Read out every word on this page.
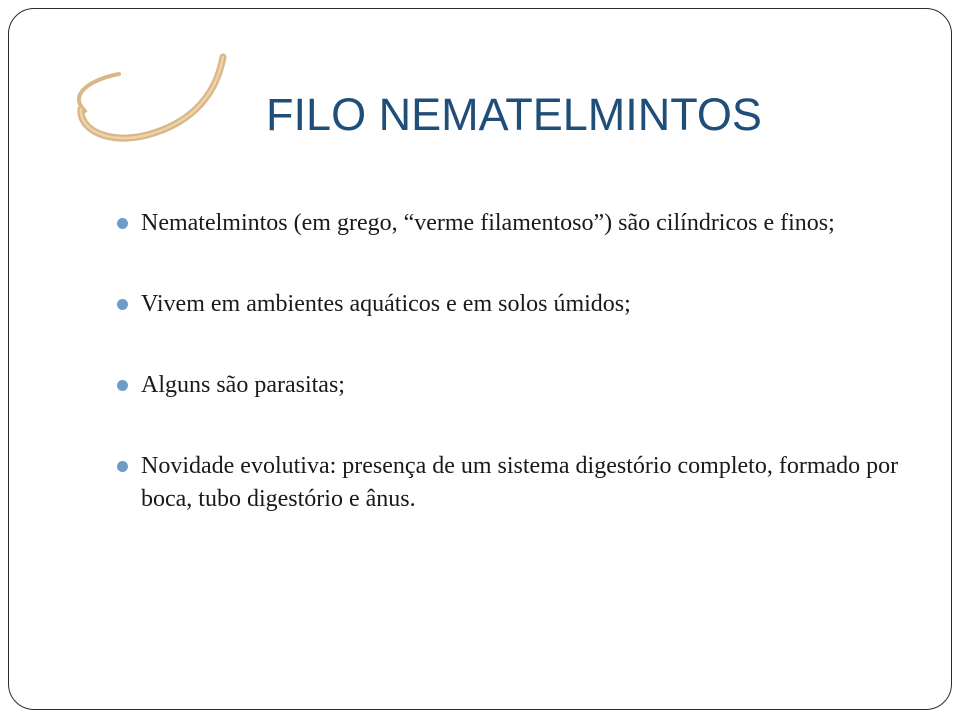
FILO NEMATELMINTOS
Nematelmintos (em grego, “verme filamentoso”) são cilíndricos e finos;
Vivem em ambientes aquáticos e em solos úmidos;
Alguns são parasitas;
Novidade evolutiva: presença de um sistema digestório completo, formado por boca, tubo digestório e ânus.
